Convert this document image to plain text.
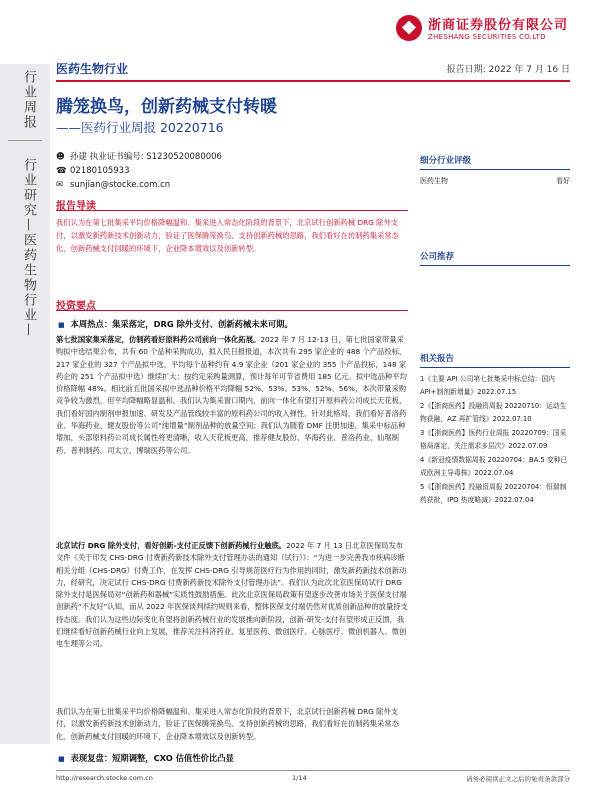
浙商证券股份有限公司
ZHESHANG SECURITIES CO.LTD
医药生物行业	报告日期: 2022 年 7 月 16 日
行业周报
行业研究—医药生物行业—
腾笼换鸟，创新药械支付转暖
——医药行业周报 20220716
☻ 孙建 执业证书编号: S1230520080006
☎ 02180105933
✉ sunjian@stocke.com.cn
报告导读
我们认为在第七批集采平均价格降幅温和、集采进入常态化阶段的背景下，北京试行创新药械 DRG 除外支付，以激发新药新技术创新动力，验证了医保腾笼换鸟、支持创新药械的思路，我们看好在仿制药集采常态化、创新药械支付回暖的环境下，企业降本增效以及创新转型。
投资要点
■ 本周热点：集采落定，DRG 除外支付、创新药械未来可期。
第七批国家集采落定，仿制药看好原料药公司前向一体化拓展。2022 年 7 月 12-13 日，第七批国家带量采购拟中选结果公布，共有 60 个品种采购成功，拟入民日报报道，本次共有 295 家企业的 488 个产品投标，217 家企业的 327 个产品拟中选，平均每个品种约有 4.9 家企业（201 家企业的 355 个产品投标，148 家药企的 251 个产品拟中选）继续扩大：按约定采购量测算，预计每年可节省费用 185 亿元。拟中选品种平均价格降幅 48%。相比前五批国采拟中选品种价格平均降幅 52%、53%、53%、52%、56%，本次带量采购竞争较为激烈，但平均降幅略显温和。我们认为集采窗口期内，前向一体化有望打开原料药公司成长天花板，我们看好国内制剂申报加速、研发及产品管线较丰富的原料药公司的收入弹性、针对此格局，我们看好普洛药业、华海药业、健友股份等公司“纯增量”制剂品种的放量空间；我们认为随着 DMF 注册加速、集采中标品种增加，头部原料药公司成长属性将更清晰，收入天花板更高，推荐健友股份、华海药业、普洛药业、仙琚制药、普利制药、司太立、博瑞医药等公司。
北京试行 DRG 除外支付，看好创新-支付正反馈下创新药械行业触底。2022 年 7 月 13 日北京医保局发布文件《关于印发 CHS-DRG 付费新药新技术除外支付管理办法的通知（试行）》：“为进一步完善我市疾病诊断相关分组（CHS-DRG）付费工作，在发挥 CHS-DRG 引导规范医疗行为作用的同时，激发新药新技术创新动力，经研究，决定试行 CHS-DRG 付费新药新技术除外支付管理办法”。我们认为此次北京医保局试行 DRG 除外支付是医保局对“创新药和器械”实质性鼓励措施。此次北京医保局政策有望逐步改善市场关于医保支付端创新药“不友好”认知，而从 2022 年医保谈判续约规则来看，整体医保支付端仍然对优质创新品种的放量持支持态度。我们认为这些边际变化有望将创新药械行业的发展推向新阶段，创新-研发-支付有望形成正反馈，我们继续看好创新药械行业向上发展，推荐关注科济药业、复星医药、微创医疗、心脉医疗、微创机器人、微创电生理等公司。
我们认为在第七批集采平均价格降幅温和、集采进入常态化阶段的背景下，北京试行创新药械 DRG 除外支付，以激发新药新技术创新动力，验证了医保腾笼换鸟、支持创新药械的思路，我们看好在仿制药集采常态化、创新药械支付回暖的环境下，企业降本增效以及创新转型。
■ 表现复盘：短期调整，CXO 估值性价比凸显
细分行业评级
医药生物	看好
公司推荐
相关报告
1《主要 API 公司第七批集采中标总结：国内 API+制剂新增量》2022.07.15
2《【浙商医药】投融资周报 20220710：运动生物获融，AZ 再扩管线》2022.07.10
3《【浙商医药】医药行业周报 20220709：国采格局落定，关注需求多层次》2022.07.09
4《新冠疫情数据周报 20220704：BA.5 变种已成欧洲主导毒株》2022.07.04
5《【浙商医药】投融资周报 20220704：恒瑞制药获批，IPO 热度略减》2022.07.04
http://research.stocke.com.cn	1/14	请务必阅读正文之后的免责条款部分
